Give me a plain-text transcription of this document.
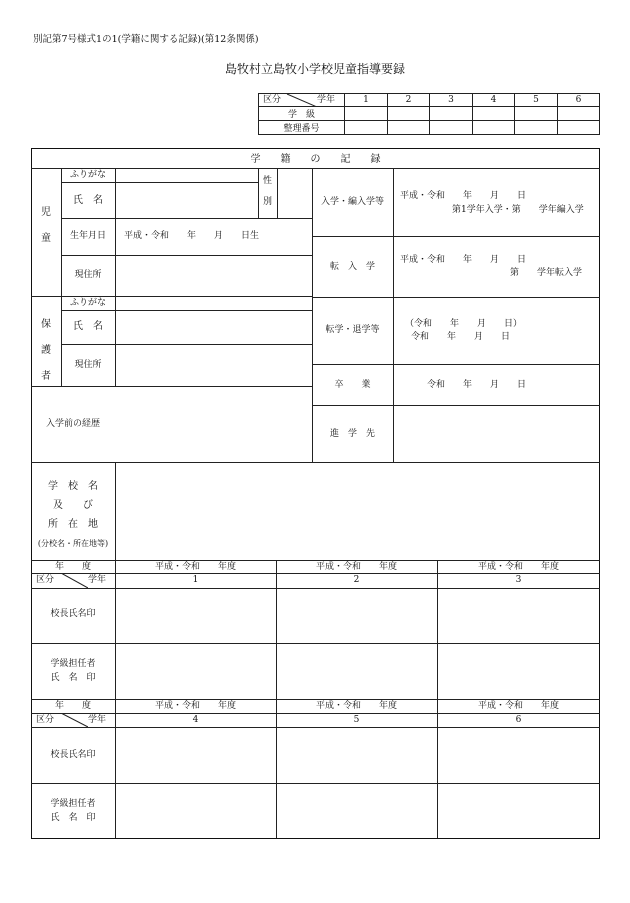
別記第7号様式1の1(学籍に関する記録)(第12条関係)
島牧村立島牧小学校児童指導要録
区分 学年	1	2	3	4	5	6
学　級						
整理番号						
学　　籍　　の　　記　　録
児
童
ふりがな
氏　名
性
別
生年月日	平成・令和　　年　　月　　日生
現住所
保
護
者
ふりがな
氏　名
現住所
入学前の経歴
入学・編入学等
平成・令和　　年　　月　　日
第1学年入学・第　　学年編入学
転　入　学
平成・令和　　年　　月　　日
第　　学年転入学
転学・退学等
（令和　　年　　月　　日）
令和　　年　　月　　日
卒　　業	令和　　年　　月　　日
進　学　先
学　校　名
及　　び
所　在　地
(分校名・所在地等)
年　　度	平成・令和　　年度	平成・令和　　年度	平成・令和　　年度
区分	学年	1	2	3
校長氏名印
学級担任者
氏　名　印
年　　度	平成・令和　　年度	平成・令和　　年度	平成・令和　　年度
区分	学年	4	5	6
校長氏名印
学級担任者
氏　名　印
